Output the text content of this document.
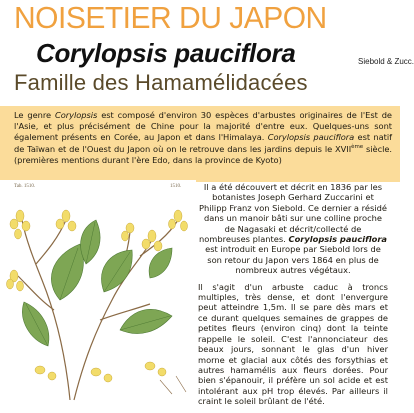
NOISETIER DU JAPON
Corylopsis pauciflora	Siebold & Zucc.
Famille des Hamamélidacées

Le genre Corylopsis est composé d'environ 30 espèces d'arbustes originaires de l'Est de l'Asie, et plus précisément de Chine pour la majorité d'entre eux. Quelques-uns sont également présents en Corée, au Japon et dans l'Himalaya. Corylopsis pauciflora est natif de Taïwan et de l'Ouest du Japon où on le retrouve dans les jardins depuis le XVIIème siècle. (premières mentions durant l'ère Edo, dans la province de Kyoto)

Tab. 1510.	1510.	Il a été découvert et décrit en 1836 par les botanistes Joseph Gerhard Zuccarini et Philipp Franz von Siebold. Ce dernier a résidé dans un manoir bâti sur une colline proche de Nagasaki et décrit/collecté de nombreuses plantes. Corylopsis pauciflora est introduit en Europe par Siebold lors de son retour du Japon vers 1864 en plus de nombreux autres végétaux.

Il s'agit d'un arbuste caduc à troncs multiples, très dense, et dont l'envergure peut atteindre 1,5m. Il se pare dès mars et ce durant quelques semaines de grappes de petites fleurs (environ cinq) dont la teinte rappelle le soleil. C'est l'annonciateur des beaux jours, sonnant le glas d'un hiver morne et glacial aux côtés des forsythias et autres hamamélis aux fleurs dorées. Pour bien s'épanouir, il préfère un sol acide et est intolérant aux pH trop élevés. Par ailleurs il craint le soleil brûlant de l'été.
